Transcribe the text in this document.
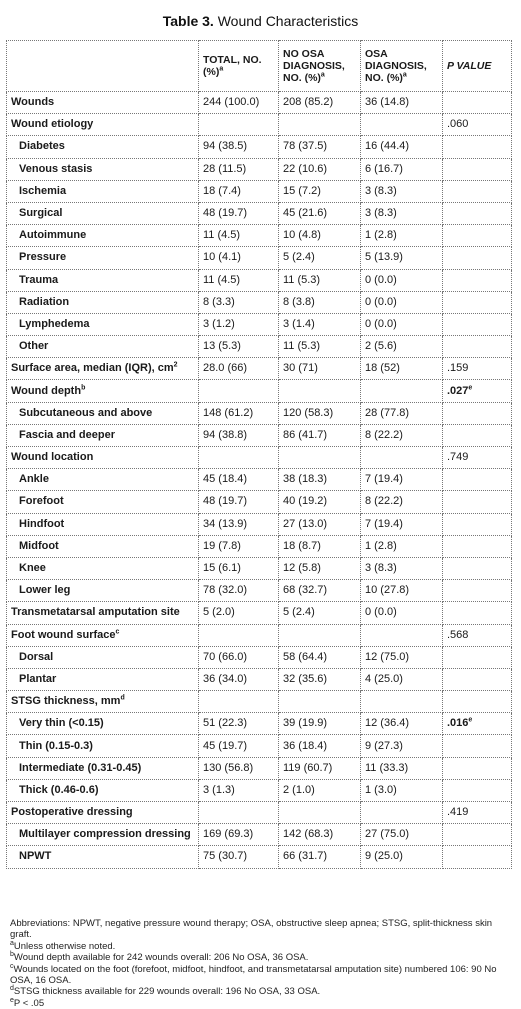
Table 3. Wound Characteristics
	TOTAL, NO. (%)$^a$	NO OSA DIAGNOSIS, NO. (%)$^a$	OSA DIAGNOSIS, NO. (%)$^a$	P VALUE
Wounds	244 (100.0)	208 (85.2)	36 (14.8)	
Wound etiology				.060
Diabetes	94 (38.5)	78 (37.5)	16 (44.4)	
Venous stasis	28 (11.5)	22 (10.6)	6 (16.7)	
Ischemia	18 (7.4)	15 (7.2)	3 (8.3)	
Surgical	48 (19.7)	45 (21.6)	3 (8.3)	
Autoimmune	11 (4.5)	10 (4.8)	1 (2.8)	
Pressure	10 (4.1)	5 (2.4)	5 (13.9)	
Trauma	11 (4.5)	11 (5.3)	0 (0.0)	
Radiation	8 (3.3)	8 (3.8)	0 (0.0)	
Lymphedema	3 (1.2)	3 (1.4)	0 (0.0)	
Other	13 (5.3)	11 (5.3)	2 (5.6)	
Surface area, median (IQR), $cm^2$	28.0 (66)	30 (71)	18 (52)	.159
Wound depth$^b$				.027e
Subcutaneous and above	148 (61.2)	120 (58.3)	28 (77.8)	
Fascia and deeper	94 (38.8)	86 (41.7)	8 (22.2)	
Wound location				.749
Ankle	45 (18.4)	38 (18.3)	7 (19.4)	
Forefoot	48 (19.7)	40 (19.2)	8 (22.2)	
Hindfoot	34 (13.9)	27 (13.0)	7 (19.4)	
Midfoot	19 (7.8)	18 (8.7)	1 (2.8)	
Knee	15 (6.1)	12 (5.8)	3 (8.3)	
Lower leg	78 (32.0)	68 (32.7)	10 (27.8)	
Transmetatarsal amputation site	5 (2.0)	5 (2.4)	0 (0.0)	
Foot wound surface$^c$				.568
Dorsal	70 (66.0)	58 (64.4)	12 (75.0)	
Plantar	36 (34.0)	32 (35.6)	4 (25.0)	
STSG thickness, $mm^d$				
Very thin (<0.15)	51 (22.3)	39 (19.9)	12 (36.4)	.016e
Thin (0.15-0.3)	45 (19.7)	36 (18.4)	9 (27.3)	
Intermediate (0.31-0.45)	130 (56.8)	119 (60.7)	11 (33.3)	
Thick (0.46-0.6)	3 (1.3)	2 (1.0)	1 (3.0)	
Postoperative dressing				.419
Multilayer compression dressing	169 (69.3)	142 (68.3)	27 (75.0)	
NPWT	75 (30.7)	66 (31.7)	9 (25.0)	

Abbreviations: NPWT, negative pressure wound therapy; OSA, obstructive sleep apnea; STSG, split-thickness skin graft.

$^a$Unless otherwise noted.

$^b$Wound depth available for 242 wounds overall: 206 No OSA, 36 OSA.

$^c$Wounds located on the foot (forefoot, midfoot, hindfoot, and transmetatarsal amputation site) numbered 106: 90 No OSA, 16 OSA.

$^d$STSG thickness available for 229 wounds overall: 196 No OSA, 33 OSA.

$^e$P < .05
